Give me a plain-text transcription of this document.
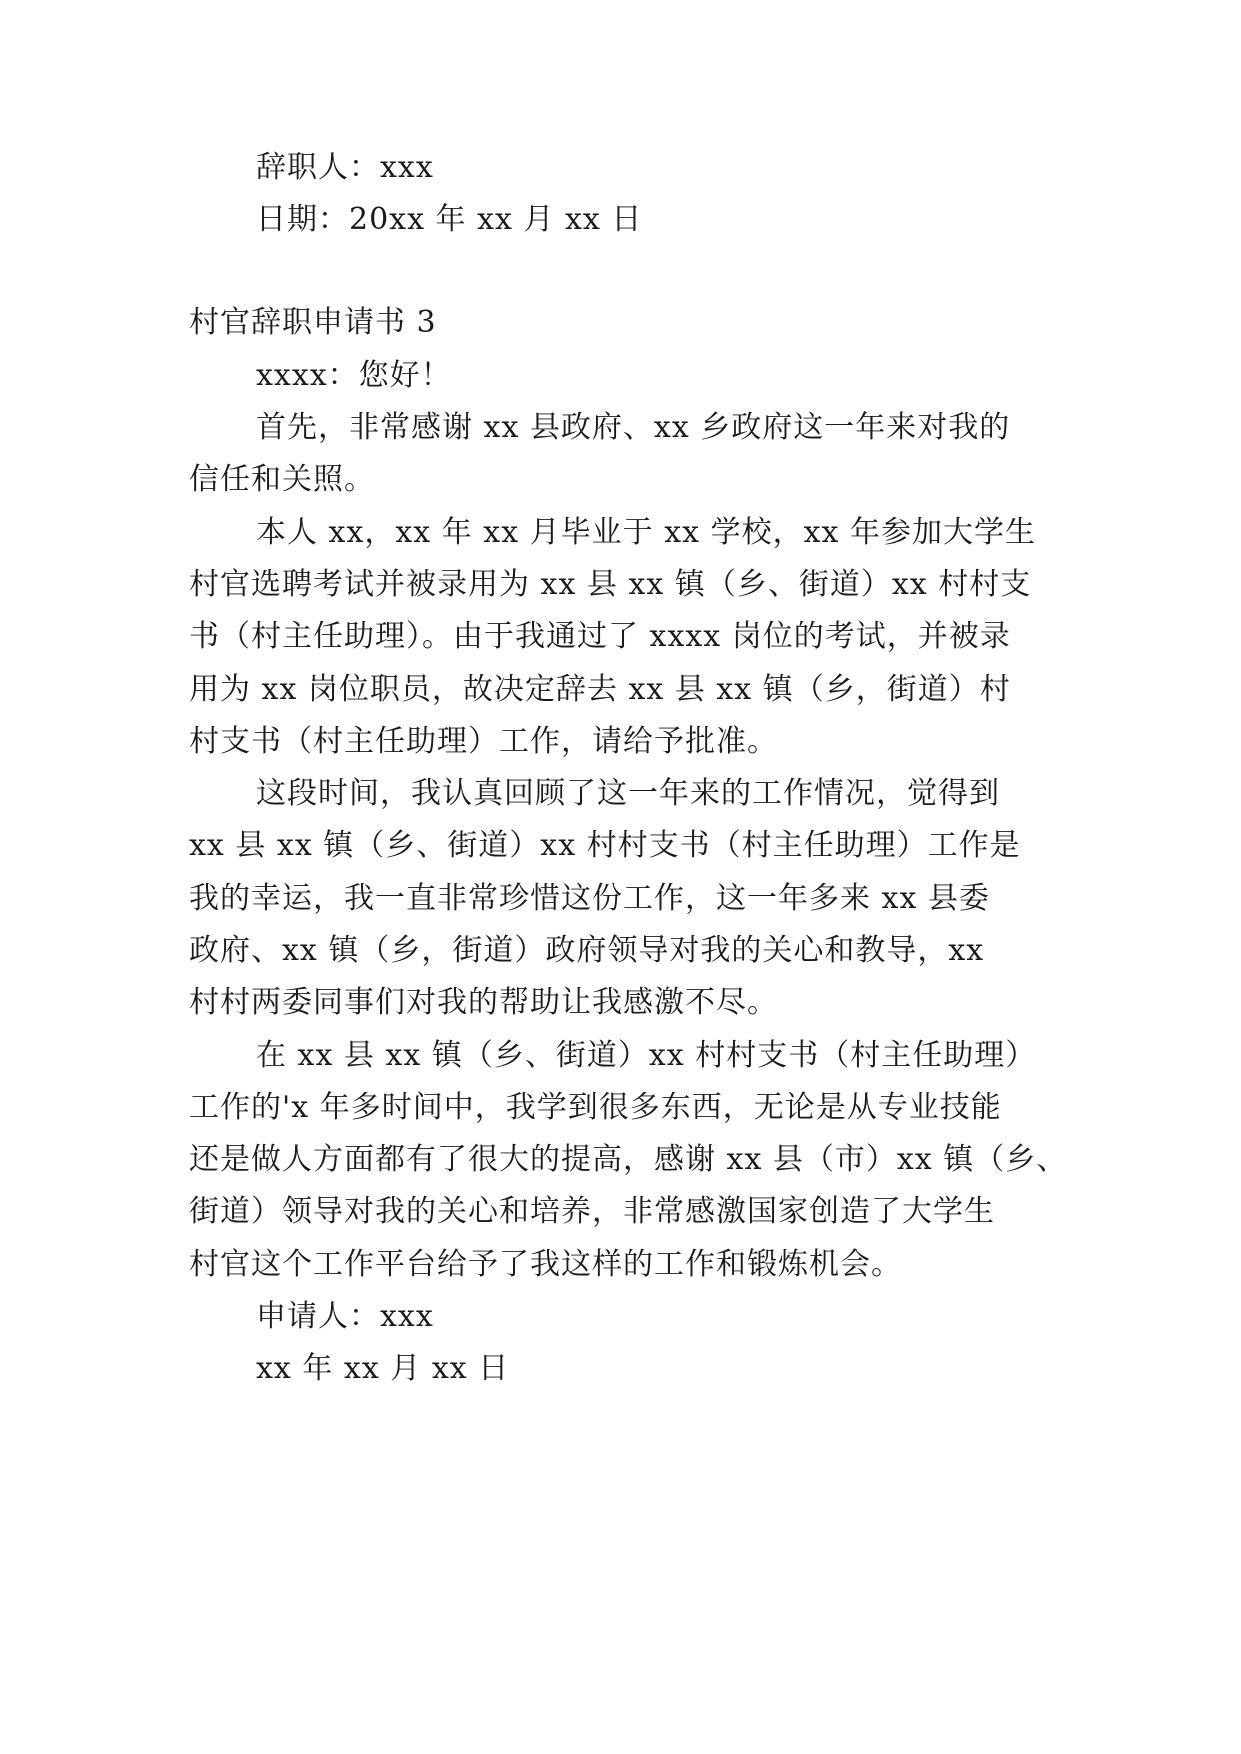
辞职人：xxx
日期：20xx 年 xx 月 xx 日
村官辞职申请书 3
xxxx：您好！
首先，非常感谢 xx 县政府、xx 乡政府这一年来对我的
信任和关照。
本人 xx，xx 年 xx 月毕业于 xx 学校，xx 年参加大学生
村官选聘考试并被录用为 xx 县 xx 镇（乡、街道）xx 村村支
书（村主任助理）。由于我通过了 xxxx 岗位的考试，并被录
用为 xx 岗位职员，故决定辞去 xx 县 xx 镇（乡，街道）村
村支书（村主任助理）工作，请给予批准。
这段时间，我认真回顾了这一年来的工作情况，觉得到
xx 县 xx 镇（乡、街道）xx 村村支书（村主任助理）工作是
我的幸运，我一直非常珍惜这份工作，这一年多来 xx 县委
政府、xx 镇（乡，街道）政府领导对我的关心和教导，xx
村村两委同事们对我的帮助让我感激不尽。
在 xx 县 xx 镇（乡、街道）xx 村村支书（村主任助理）
工作的'x 年多时间中，我学到很多东西，无论是从专业技能
还是做人方面都有了很大的提高，感谢 xx 县（市）xx 镇（乡、
街道）领导对我的关心和培养，非常感激国家创造了大学生
村官这个工作平台给予了我这样的工作和锻炼机会。
申请人：xxx
xx 年 xx 月 xx 日
